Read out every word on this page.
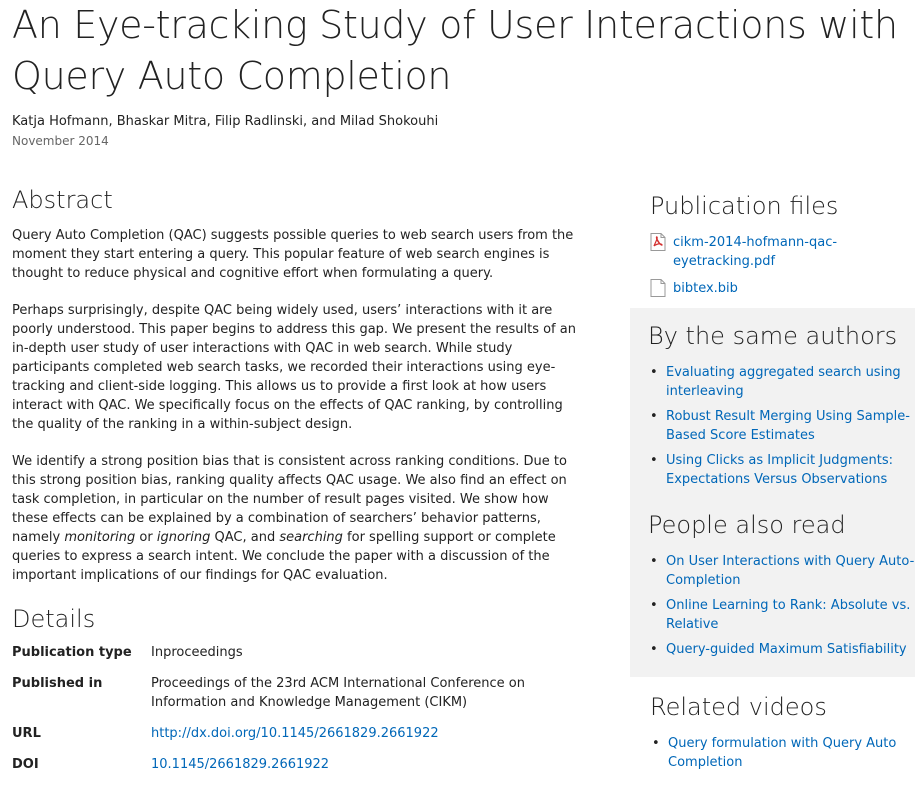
An Eye-tracking Study of User Interactions with Query Auto Completion
Katja Hofmann, Bhaskar Mitra, Filip Radlinski, and Milad Shokouhi
November 2014
Abstract

Query Auto Completion (QAC) suggests possible queries to web search users from the moment they start entering a query. This popular feature of web search engines is thought to reduce physical and cognitive effort when formulating a query.

Perhaps surprisingly, despite QAC being widely used, users’ interactions with it are poorly understood. This paper begins to address this gap. We present the results of an in-depth user study of user interactions with QAC in web search. While study participants completed web search tasks, we recorded their interactions using eye-tracking and client-side logging. This allows us to provide a first look at how users interact with QAC. We specifically focus on the effects of QAC ranking, by controlling the quality of the ranking in a within-subject design.

We identify a strong position bias that is consistent across ranking conditions. Due to this strong position bias, ranking quality affects QAC usage. We also find an effect on task completion, in particular on the number of result pages visited. We show how these effects can be explained by a combination of searchers’ behavior patterns, namely monitoring or ignoring QAC, and searching for spelling support or complete queries to express a search intent. We conclude the paper with a discussion of the important implications of our findings for QAC evaluation.

Details
Publication type	Inproceedings
Published in	Proceedings of the 23rd ACM International Conference on Information and Knowledge Management (CIKM)
URL	http://dx.doi.org/10.1145/2661829.2661922
DOI	10.1145/2661829.2661922
Publication files
cikm-2014-hofmann-qac-eyetracking.pdf
bibtex.bib
By the same authors
• Evaluating aggregated search using interleaving
• Robust Result Merging Using Sample-Based Score Estimates
• Using Clicks as Implicit Judgments: Expectations Versus Observations
People also read
• On User Interactions with Query Auto-Completion
• Online Learning to Rank: Absolute vs. Relative
• Query-guided Maximum Satisfiability
Related videos
• Query formulation with Query Auto Completion
